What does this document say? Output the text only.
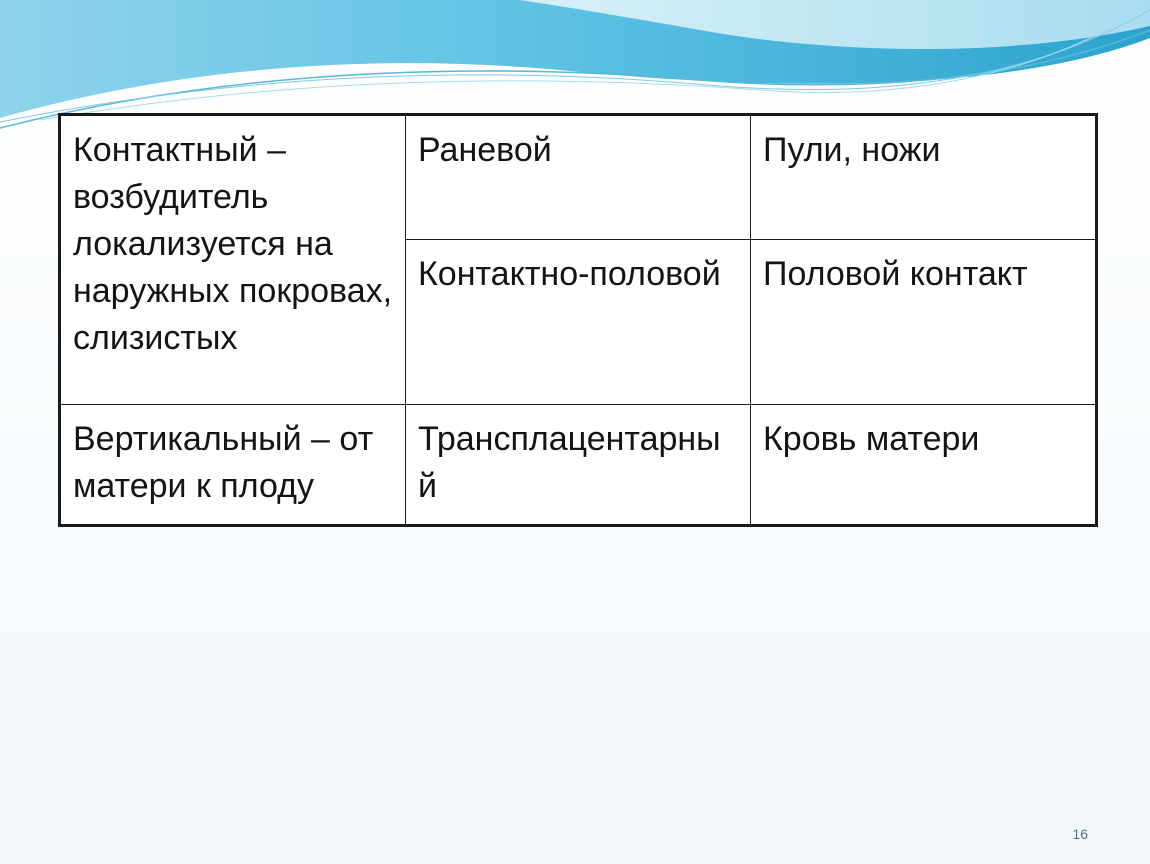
Контактный – возбудитель локализуется на наружных покровах, слизистых	Раневой	Пули, ножи
	Контактно-половой	Половой контакт
Вертикальный – от матери к плоду	Трансплацентарный	Кровь матери
16
